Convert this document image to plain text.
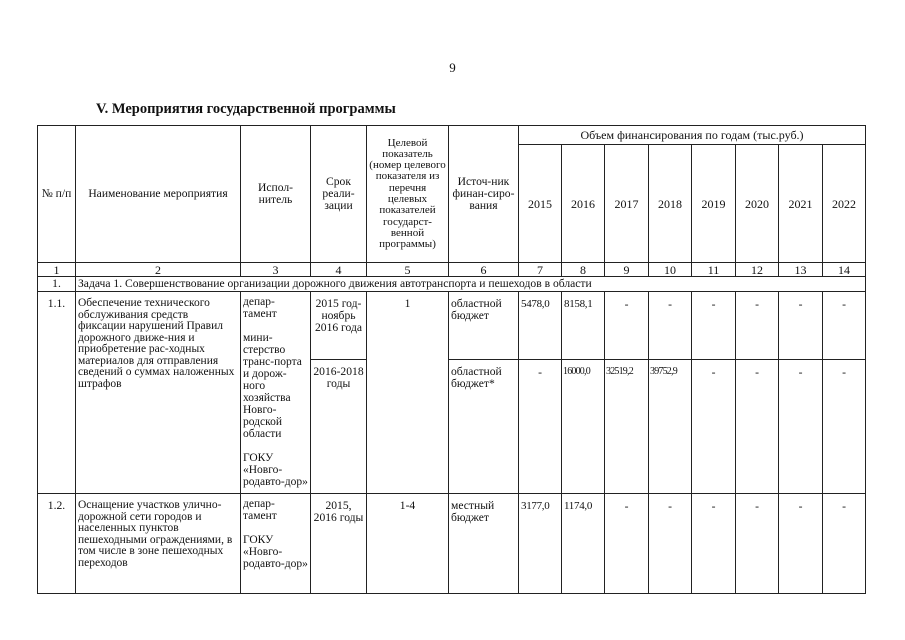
9
V. Мероприятия государственной программы
№ п/п	Наименование мероприятия	Испол-нитель	Срок реали-зации	Целевой показатель (номер целевого показателя из перечня целевых показателей государст-венной программы)	Источ-ник финан-сиро-вания	Объем финансирования по годам (тыс.руб.)							
						2015	2016	2017	2018	2019	2020	2021	2022
1	2	3	4	5	6	7	8	9	10	11	12	13	14
1.	Задача 1. Совершенствование организации дорожного движения автотранспорта и пешеходов в области												
1.1.	Обеспечение технического обслуживания средств фиксации нарушений Правил дорожного движе-ния и приобретение рас-ходных материалов для отправления сведений о суммах наложенных штрафов	депар-тамент
мини-стерство транс-порта и дорож-ного хозяйства Новго-родской области
ГОКУ «Новго-родавто-дор»	2015 год-ноябрь 2016 года	1	областной бюджет	5478,0	8158,1	-	-	-	-	-	-
			2016-2018 годы		областной бюджет*	-	16000,0	32519,2	39752,9	-	-	-	-
1.2.	Оснащение участков улично-дорожной сети городов и населенных пунктов пешеходными ограждениями, в том числе в зоне пешеходных переходов	депар-тамент
ГОКУ «Новго-родавто-дор»	2015, 2016 годы	1-4	местный бюджет	3177,0	1174,0	-	-	-	-	-	-
